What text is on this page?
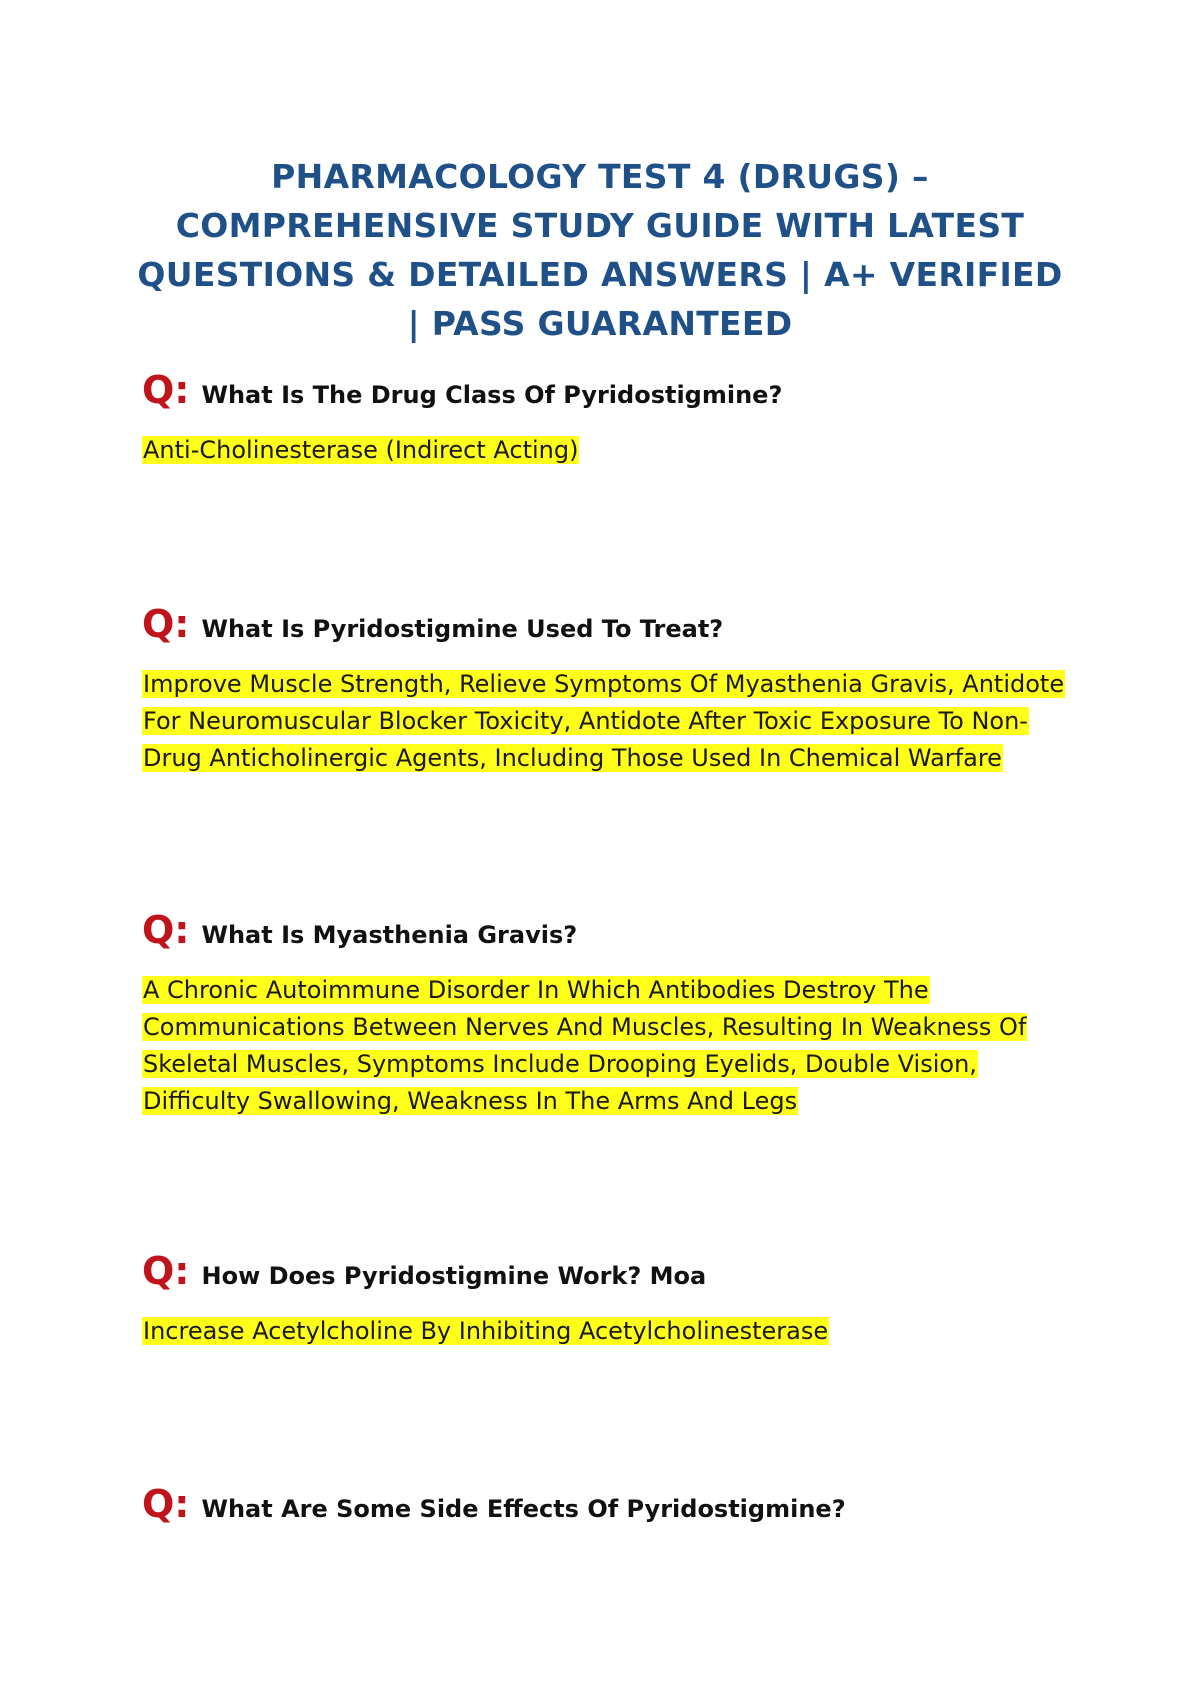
PHARMACOLOGY TEST 4 (DRUGS) –
COMPREHENSIVE STUDY GUIDE WITH LATEST
QUESTIONS & DETAILED ANSWERS | A+ VERIFIED
| PASS GUARANTEED
Q: What Is The Drug Class Of Pyridostigmine?
Anti-Cholinesterase (Indirect Acting)
Q: What Is Pyridostigmine Used To Treat?
Improve Muscle Strength, Relieve Symptoms Of Myasthenia Gravis, Antidote
For Neuromuscular Blocker Toxicity, Antidote After Toxic Exposure To Non-
Drug Anticholinergic Agents, Including Those Used In Chemical Warfare
Q: What Is Myasthenia Gravis?
A Chronic Autoimmune Disorder In Which Antibodies Destroy The
Communications Between Nerves And Muscles, Resulting In Weakness Of
Skeletal Muscles, Symptoms Include Drooping Eyelids, Double Vision,
Difficulty Swallowing, Weakness In The Arms And Legs
Q: How Does Pyridostigmine Work? Moa
Increase Acetylcholine By Inhibiting Acetylcholinesterase
Q: What Are Some Side Effects Of Pyridostigmine?
